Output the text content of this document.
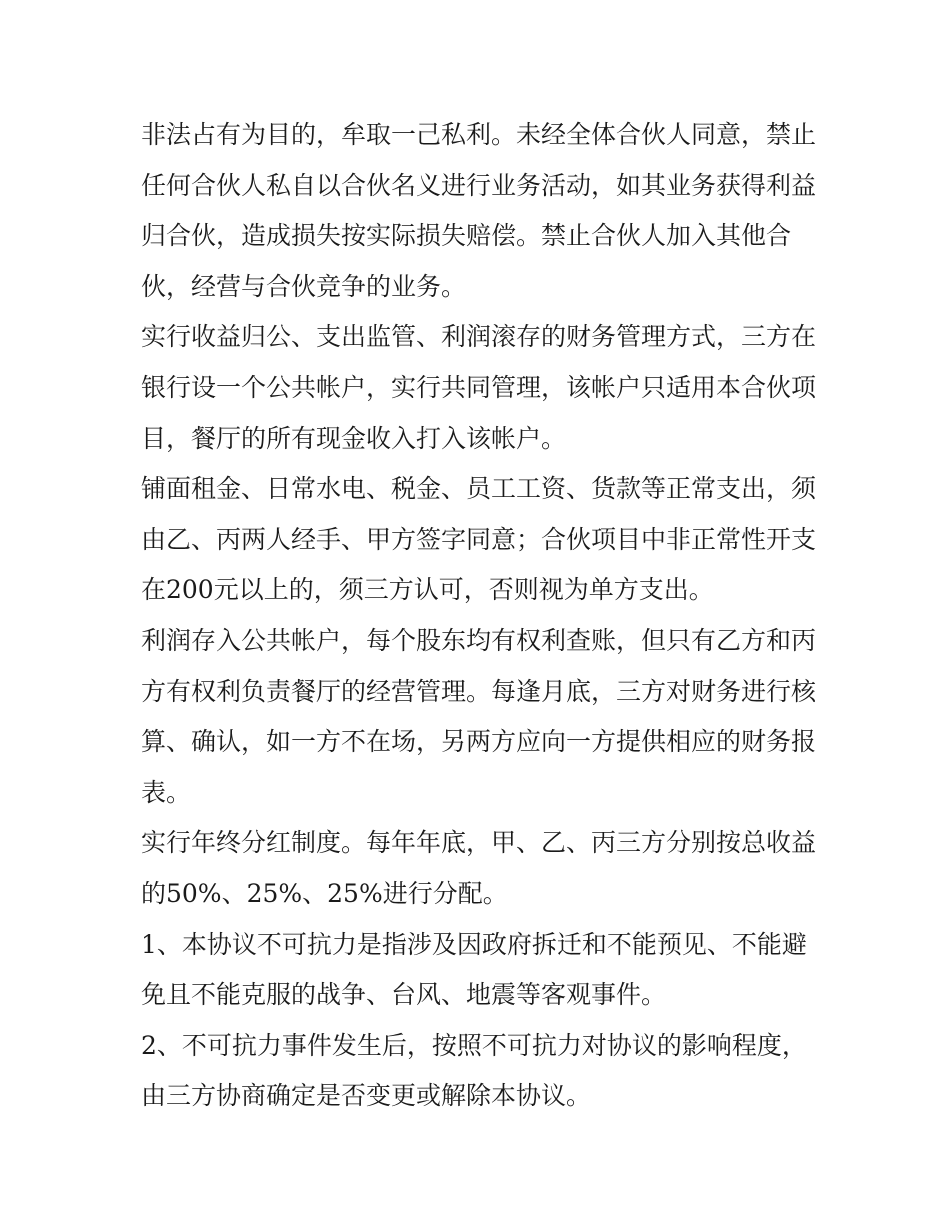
非法占有为目的，牟取一己私利。未经全体合伙人同意，禁止
任何合伙人私自以合伙名义进行业务活动，如其业务获得利益
归合伙，造成损失按实际损失赔偿。禁止合伙人加入其他合
伙，经营与合伙竞争的业务。
实行收益归公、支出监管、利润滚存的财务管理方式，三方在
银行设一个公共帐户，实行共同管理，该帐户只适用本合伙项
目，餐厅的所有现金收入打入该帐户。
铺面租金、日常水电、税金、员工工资、货款等正常支出，须
由乙、丙两人经手、甲方签字同意；合伙项目中非正常性开支
在200元以上的，须三方认可，否则视为单方支出。
利润存入公共帐户，每个股东均有权利查账，但只有乙方和丙
方有权利负责餐厅的经营管理。每逢月底，三方对财务进行核
算、确认，如一方不在场，另两方应向一方提供相应的财务报
表。
实行年终分红制度。每年年底，甲、乙、丙三方分别按总收益
的50%、25%、25%进行分配。
1、本协议不可抗力是指涉及因政府拆迁和不能预见、不能避
免且不能克服的战争、台风、地震等客观事件。
2、不可抗力事件发生后，按照不可抗力对协议的影响程度，
由三方协商确定是否变更或解除本协议。
